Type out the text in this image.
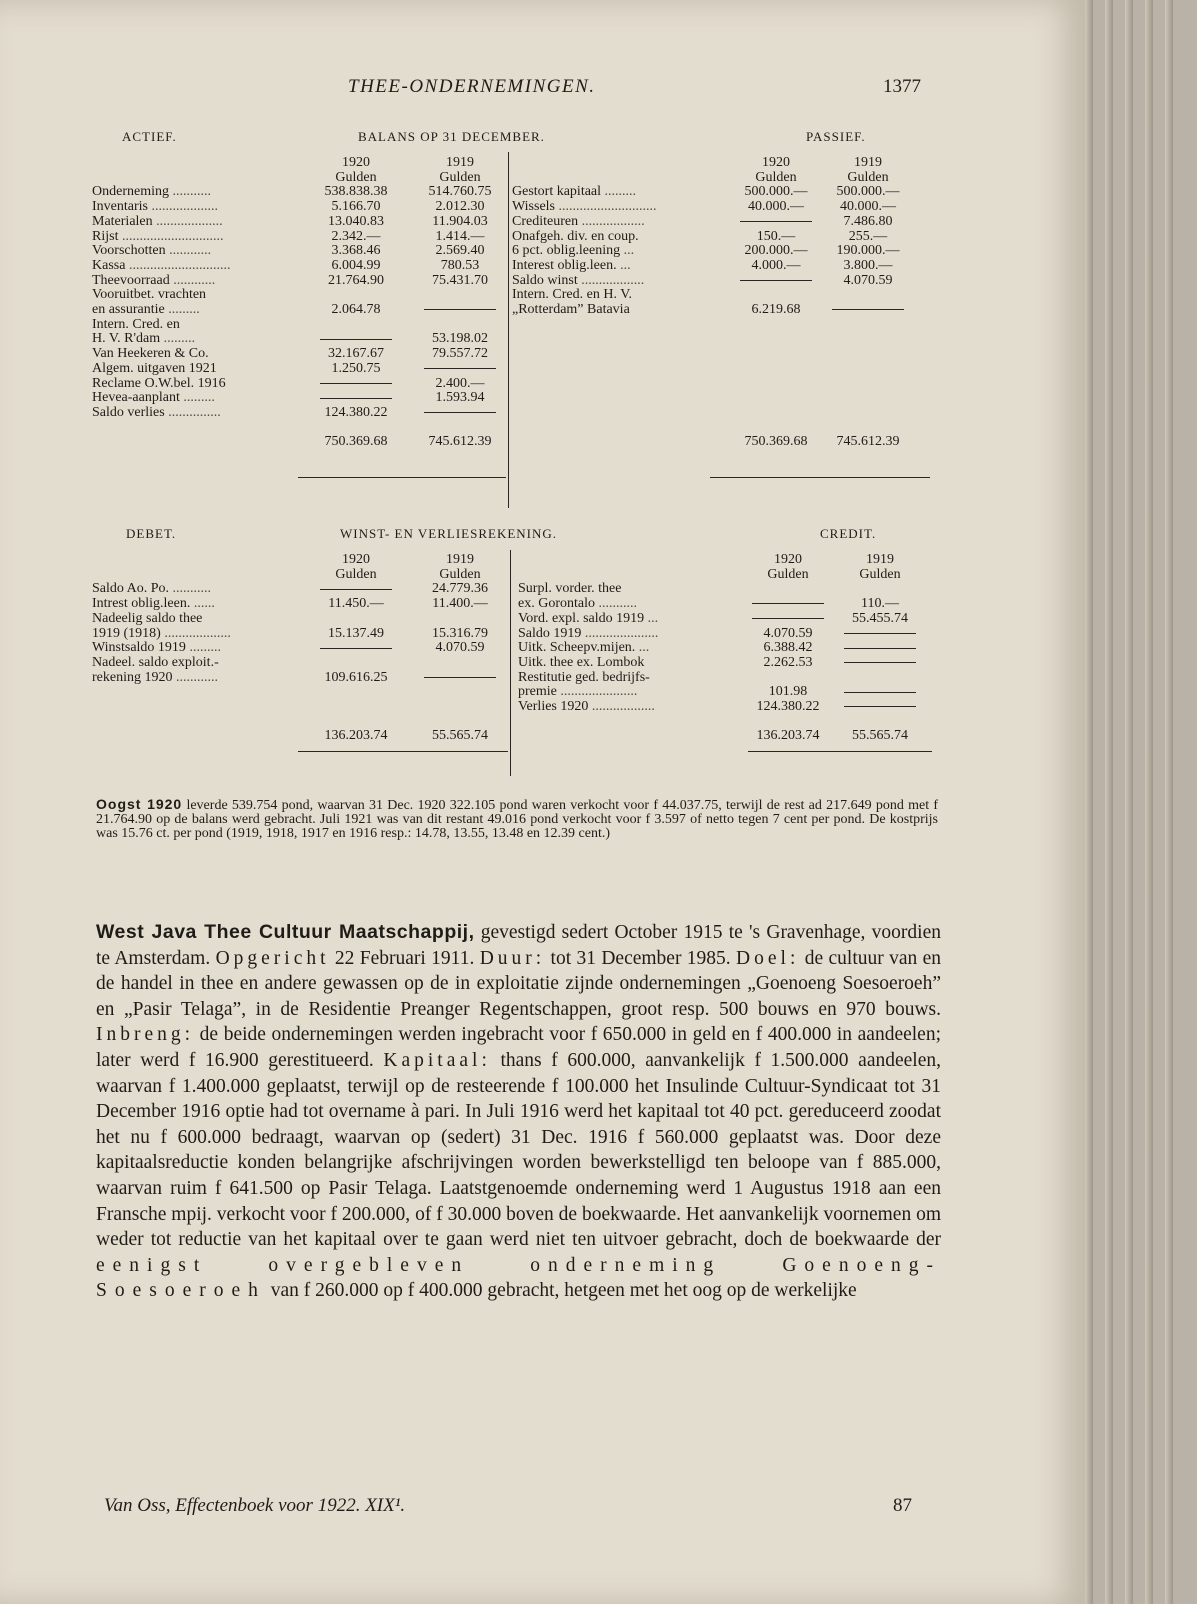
THEE-ONDERNEMINGEN.	1377
ACTIEF.	BALANS OP 31 DECEMBER.	PASSIEF.
	1920	1919
	Gulden	Gulden
Onderneming ...........	538.838.38	514.760.75
Inventaris ...................	5.166.70	2.012.30
Materialen ...................	13.040.83	11.904.03
Rijst .............................	2.342.—	1.414.—
Voorschotten ............	3.368.46	2.569.40
Kassa .............................	6.004.99	780.53
Theevoorraad ............	21.764.90	75.431.70
Vooruitbet. vrachten		
en assurantie .........	2.064.78	
Intern. Cred. en		
H. V. R'dam .........		53.198.02
Van Heekeren & Co.	32.167.67	79.557.72
Algem. uitgaven 1921	1.250.75	
Reclame O.W.bel. 1916		2.400.—
Hevea-aanplant .........		1.593.94
Saldo verlies ...............	124.380.22	

	750.369.68	745.612.39
	1920	1919
	Gulden	Gulden
Gestort kapitaal .........	500.000.—	500.000.—
Wissels ............................	40.000.—	40.000.—
Crediteuren ..................		7.486.80
Onafgeh. div. en coup.	150.—	255.—
6 pct. oblig.leening ...	200.000.—	190.000.—
Interest oblig.leen. ...	4.000.—	3.800.—
Saldo winst ..................		4.070.59
Intern. Cred. en H. V.		
„Rotterdam” Batavia	6.219.68	

	750.369.68	745.612.39
DEBET.	WINST- EN VERLIESREKENING.	CREDIT.
	1920	1919
	Gulden	Gulden
Saldo Ao. Po. ...........		24.779.36
Intrest oblig.leen. ......	11.450.—	11.400.—
Nadeelig saldo thee		
1919 (1918) ...................	15.137.49	15.316.79
Winstsaldo 1919 .........		4.070.59
Nadeel. saldo exploit.-		
rekening 1920 ............	109.616.25	

	136.203.74	55.565.74
	1920	1919
	Gulden	Gulden
Surpl. vorder. thee		
ex. Gorontalo ...........		110.—
Vord. expl. saldo 1919 ...		55.455.74
Saldo 1919 .....................	4.070.59	
Uitk. Scheepv.mijen. ...	6.388.42	
Uitk. thee ex. Lombok	2.262.53	
Restitutie ged. bedrijfs-		
premie ......................	101.98	
Verlies 1920 ..................	124.380.22	

	136.203.74	55.565.74
Oogst 1920 leverde 539.754 pond, waarvan 31 Dec. 1920 322.105 pond waren verkocht voor f 44.037.75, terwijl de rest ad 217.649 pond met f 21.764.90 op de balans werd gebracht. Juli 1921 was van dit restant 49.016 pond verkocht voor f 3.597 of netto tegen 7 cent per pond. De kostprijs was 15.76 ct. per pond (1919, 1918, 1917 en 1916 resp.: 14.78, 13.55, 13.48 en 12.39 cent.)

West Java Thee Cultuur Maatschappij, gevestigd sedert October 1915 te 's Gravenhage, voordien te Amsterdam. Opgericht 22 Februari 1911. Duur: tot 31 December 1985. Doel: de cultuur van en de handel in thee en andere gewassen op de in exploitatie zijnde ondernemingen „Goenoeng Soesoeroeh” en „Pasir Telaga”, in de Residentie Preanger Regentschappen, groot resp. 500 bouws en 970 bouws. Inbreng: de beide ondernemingen werden ingebracht voor f 650.000 in geld en f 400.000 in aandeelen; later werd f 16.900 gerestitueerd. Kapitaal: thans f 600.000, aanvankelijk f 1.500.000 aandeelen, waarvan f 1.400.000 geplaatst, terwijl op de resteerende f 100.000 het Insulinde Cultuur-Syndicaat tot 31 December 1916 optie had tot overname à pari. In Juli 1916 werd het kapitaal tot 40 pct. gereduceerd zoodat het nu f 600.000 bedraagt, waarvan op (sedert) 31 Dec. 1916 f 560.000 geplaatst was. Door deze kapitaalsreductie konden belangrijke afschrijvingen worden bewerkstelligd ten beloope van f 885.000, waarvan ruim f 641.500 op Pasir Telaga. Laatstgenoemde onderneming werd 1 Augustus 1918 aan een Fransche mpij. verkocht voor f 200.000, of f 30.000 boven de boekwaarde. Het aanvankelijk voornemen om weder tot reductie van het kapitaal over te gaan werd niet ten uitvoer gebracht, doch de boekwaarde der eenigst overgebleven onderneming Goenoeng-Soesoeroeh van f 260.000 op f 400.000 gebracht, hetgeen met het oog op de werkelijke

Van Oss, Effectenboek voor 1922. XIX¹.	87
